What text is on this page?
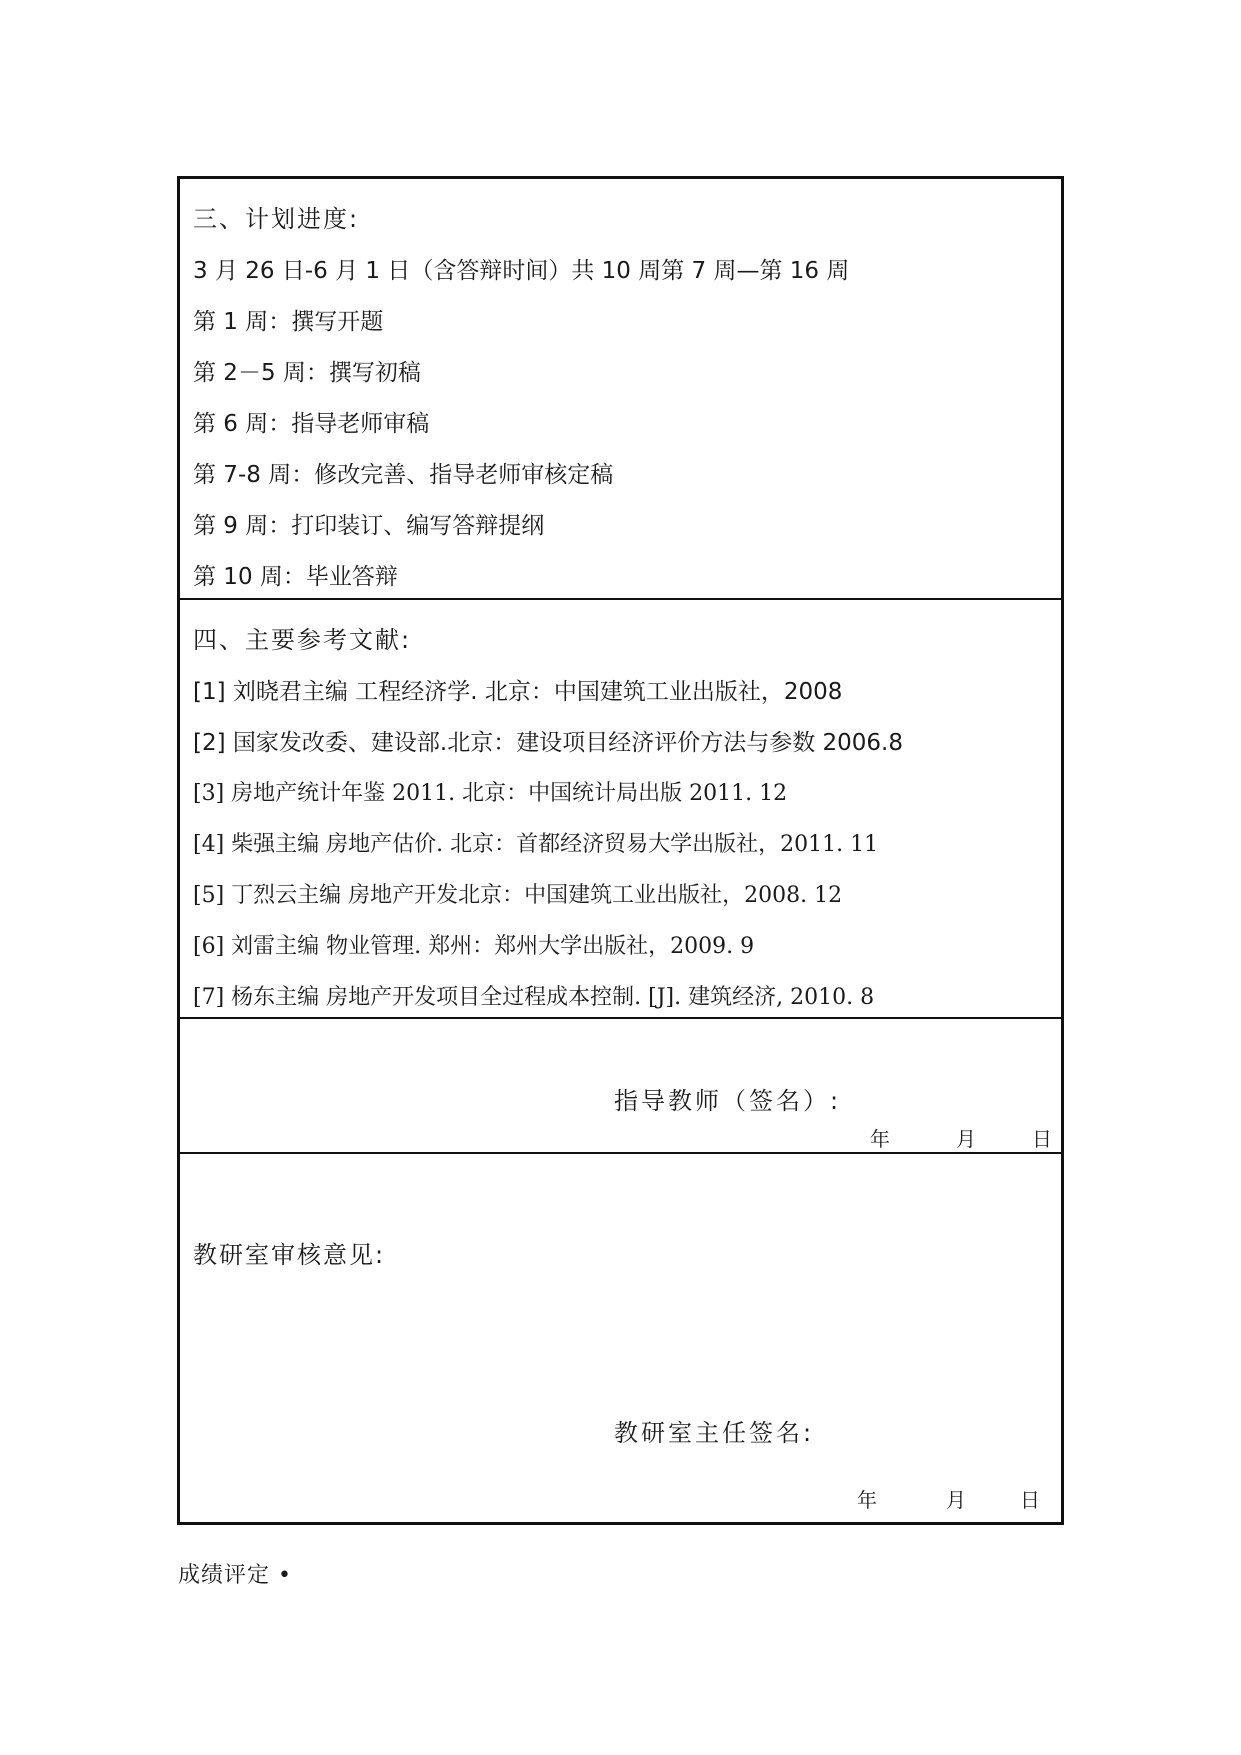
三、计划进度:
3 月 26 日-6 月 1 日（含答辩时间）共 10 周第 7 周—第 16 周
第 1 周：撰写开题
第 2－5 周：撰写初稿
第 6 周：指导老师审稿
第 7-8 周：修改完善、指导老师审核定稿
第 9 周：打印装订、编写答辩提纲
第 10 周：毕业答辩
四、主要参考文献:
[1] 刘晓君主编 工程经济学. 北京：中国建筑工业出版社，2008
[2] 国家发改委、建设部.北京：建设项目经济评价方法与参数 2006.8
[3] 房地产统计年鉴 2011. 北京：中国统计局出版 2011. 12
[4] 柴强主编 房地产估价. 北京：首都经济贸易大学出版社，2011. 11
[5] 丁烈云主编 房地产开发北京：中国建筑工业出版社，2008. 12
[6] 刘雷主编 物业管理. 郑州：郑州大学出版社，2009. 9
[7] 杨东主编 房地产开发项目全过程成本控制. [J]. 建筑经济, 2010. 8
指导教师（签名）:
年	月	日
教研室审核意见:
教研室主任签名:
年	月	日
成绩评定 •
